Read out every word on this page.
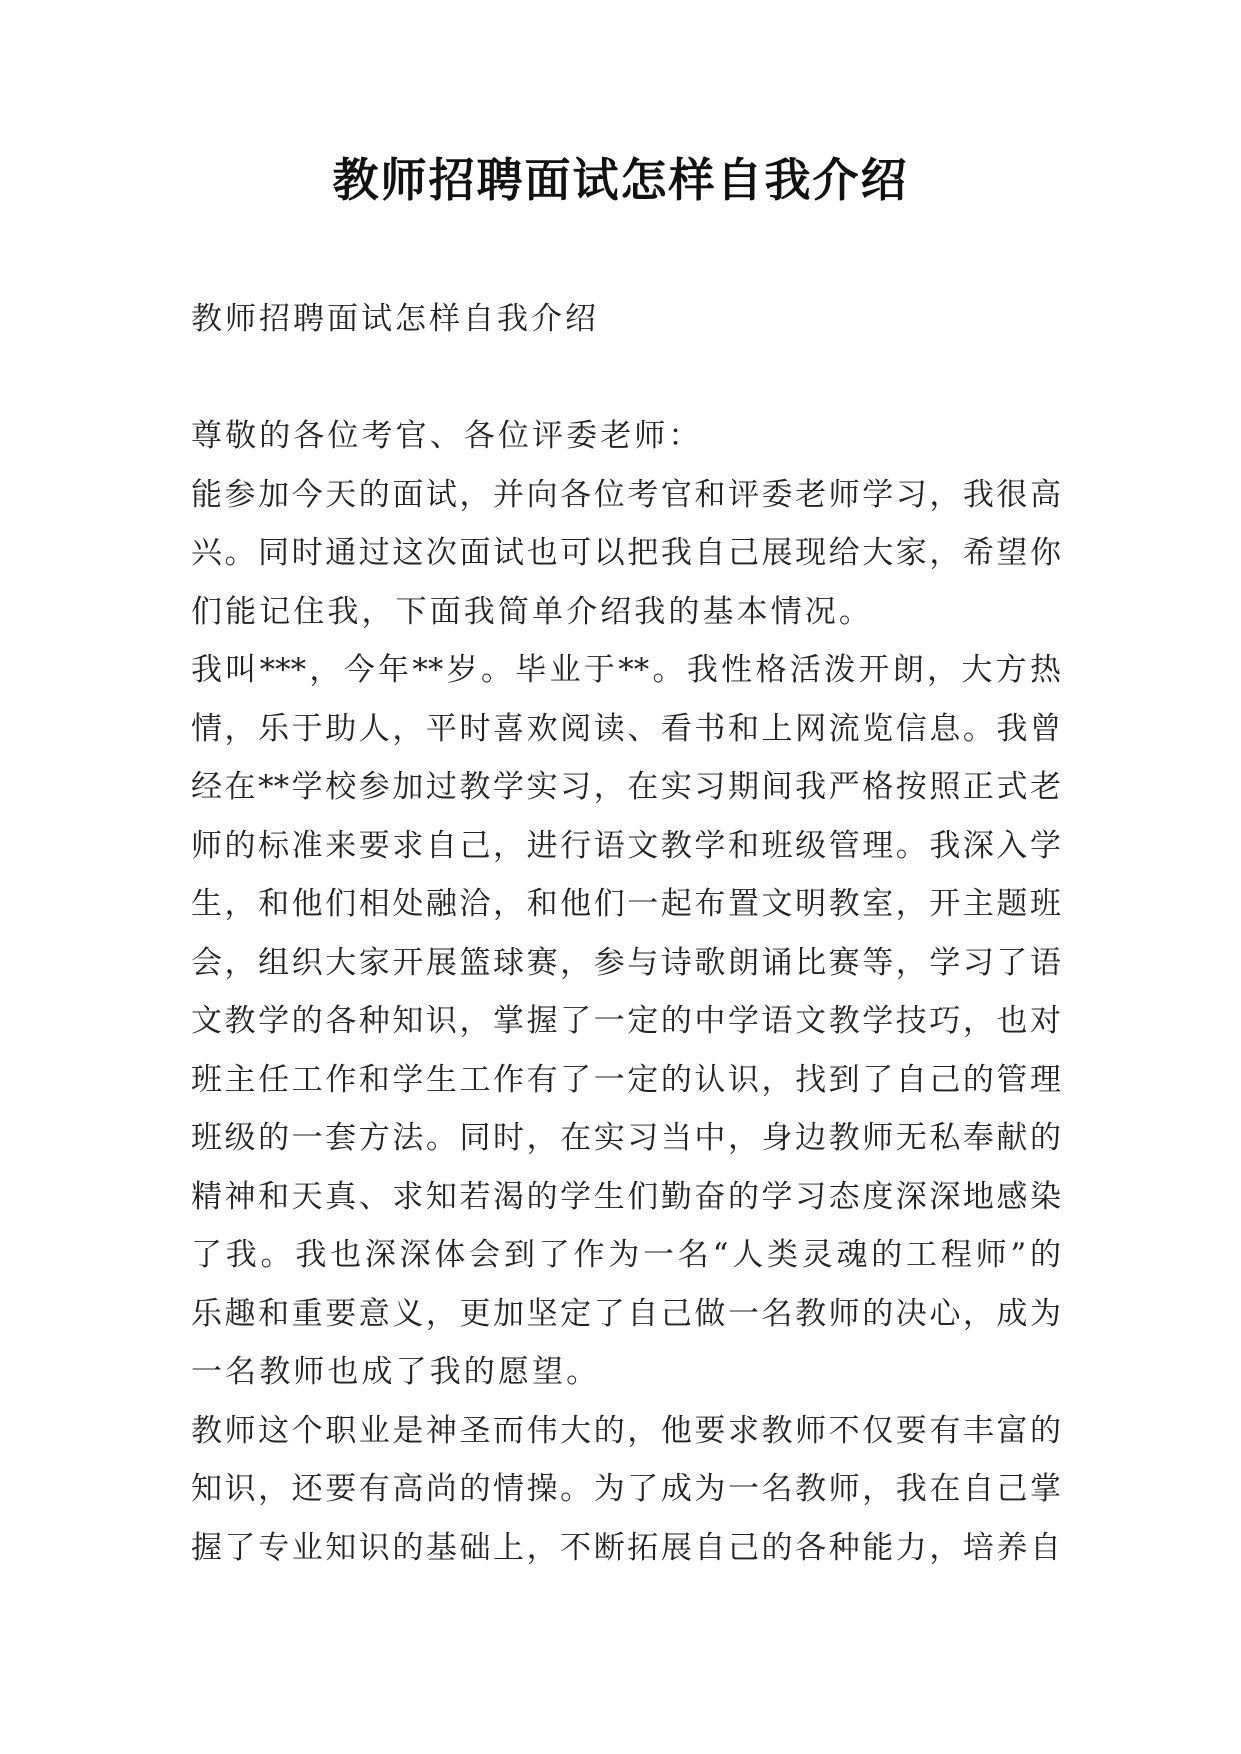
教师招聘面试怎样自我介绍
教师招聘面试怎样自我介绍
尊敬的各位考官、各位评委老师：
能参加今天的面试，并向各位考官和评委老师学习，我很高
兴。同时通过这次面试也可以把我自己展现给大家，希望你
们能记住我，下面我简单介绍我的基本情况。
我叫***，今年**岁。毕业于**。我性格活泼开朗，大方热
情，乐于助人，平时喜欢阅读、看书和上网流览信息。我曾
经在**学校参加过教学实习，在实习期间我严格按照正式老
师的标准来要求自己，进行语文教学和班级管理。我深入学
生，和他们相处融洽，和他们一起布置文明教室，开主题班
会，组织大家开展篮球赛，参与诗歌朗诵比赛等，学习了语
文教学的各种知识，掌握了一定的中学语文教学技巧，也对
班主任工作和学生工作有了一定的认识，找到了自己的管理
班级的一套方法。同时，在实习当中，身边教师无私奉献的
精神和天真、求知若渴的学生们勤奋的学习态度深深地感染
了我。我也深深体会到了作为一名“人类灵魂的工程师”的
乐趣和重要意义，更加坚定了自己做一名教师的决心，成为
一名教师也成了我的愿望。
教师这个职业是神圣而伟大的，他要求教师不仅要有丰富的
知识，还要有高尚的情操。为了成为一名教师，我在自己掌
握了专业知识的基础上，不断拓展自己的各种能力，培养自
